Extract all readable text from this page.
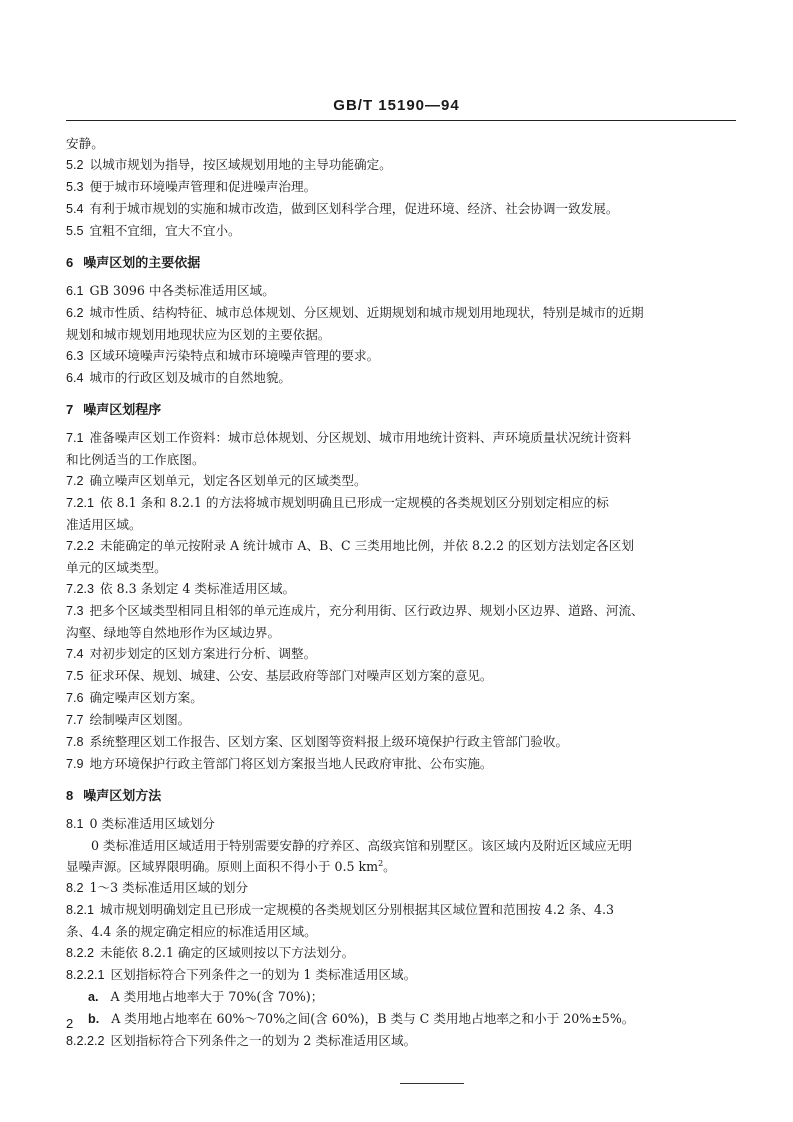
GB/T 15190—94

安静。

5.2 以城市规划为指导，按区域规划用地的主导功能确定。

5.3 便于城市环境噪声管理和促进噪声治理。

5.4 有利于城市规划的实施和城市改造，做到区划科学合理，促进环境、经济、社会协调一致发展。

5.5 宜粗不宜细，宜大不宜小。

6 噪声区划的主要依据

6.1 GB 3096 中各类标准适用区域。

6.2 城市性质、结构特征、城市总体规划、分区规划、近期规划和城市规划用地现状，特别是城市的近期

规划和城市规划用地现状应为区划的主要依据。

6.3 区域环境噪声污染特点和城市环境噪声管理的要求。

6.4 城市的行政区划及城市的自然地貌。

7 噪声区划程序

7.1 准备噪声区划工作资料：城市总体规划、分区规划、城市用地统计资料、声环境质量状况统计资料

和比例适当的工作底图。

7.2 确立噪声区划单元，划定各区划单元的区域类型。

7.2.1 依 8.1 条和 8.2.1 的方法将城市规划明确且已形成一定规模的各类规划区分别划定相应的标

准适用区域。

7.2.2 未能确定的单元按附录 A 统计城市 A、B、C 三类用地比例，并依 8.2.2 的区划方法划定各区划

单元的区域类型。

7.2.3 依 8.3 条划定 4 类标准适用区域。

7.3 把多个区域类型相同且相邻的单元连成片，充分利用街、区行政边界、规划小区边界、道路、河流、

沟壑、绿地等自然地形作为区域边界。

7.4 对初步划定的区划方案进行分析、调整。

7.5 征求环保、规划、城建、公安、基层政府等部门对噪声区划方案的意见。

7.6 确定噪声区划方案。

7.7 绘制噪声区划图。

7.8 系统整理区划工作报告、区划方案、区划图等资料报上级环境保护行政主管部门验收。

7.9 地方环境保护行政主管部门将区划方案报当地人民政府审批、公布实施。

8 噪声区划方法

8.1 0 类标准适用区域划分

0 类标准适用区域适用于特别需要安静的疗养区、高级宾馆和别墅区。该区域内及附近区域应无明

显噪声源。区域界限明确。原则上面积不得小于 0.5 $km^2$。

8.2 1～3 类标准适用区域的划分

8.2.1 城市规划明确划定且已形成一定规模的各类规划区分别根据其区域位置和范围按 4.2 条、4.3

条、4.4 条的规定确定相应的标准适用区域。

8.2.2 未能依 8.2.1 确定的区域则按以下方法划分。

8.2.2.1 区划指标符合下列条件之一的划为 1 类标准适用区域。

a. A 类用地占地率大于 70%(含 70%)；

b. A 类用地占地率在 60%～70%之间(含 60%)，B 类与 C 类用地占地率之和小于 20%±5%。

8.2.2.2 区划指标符合下列条件之一的划为 2 类标准适用区域。

2
